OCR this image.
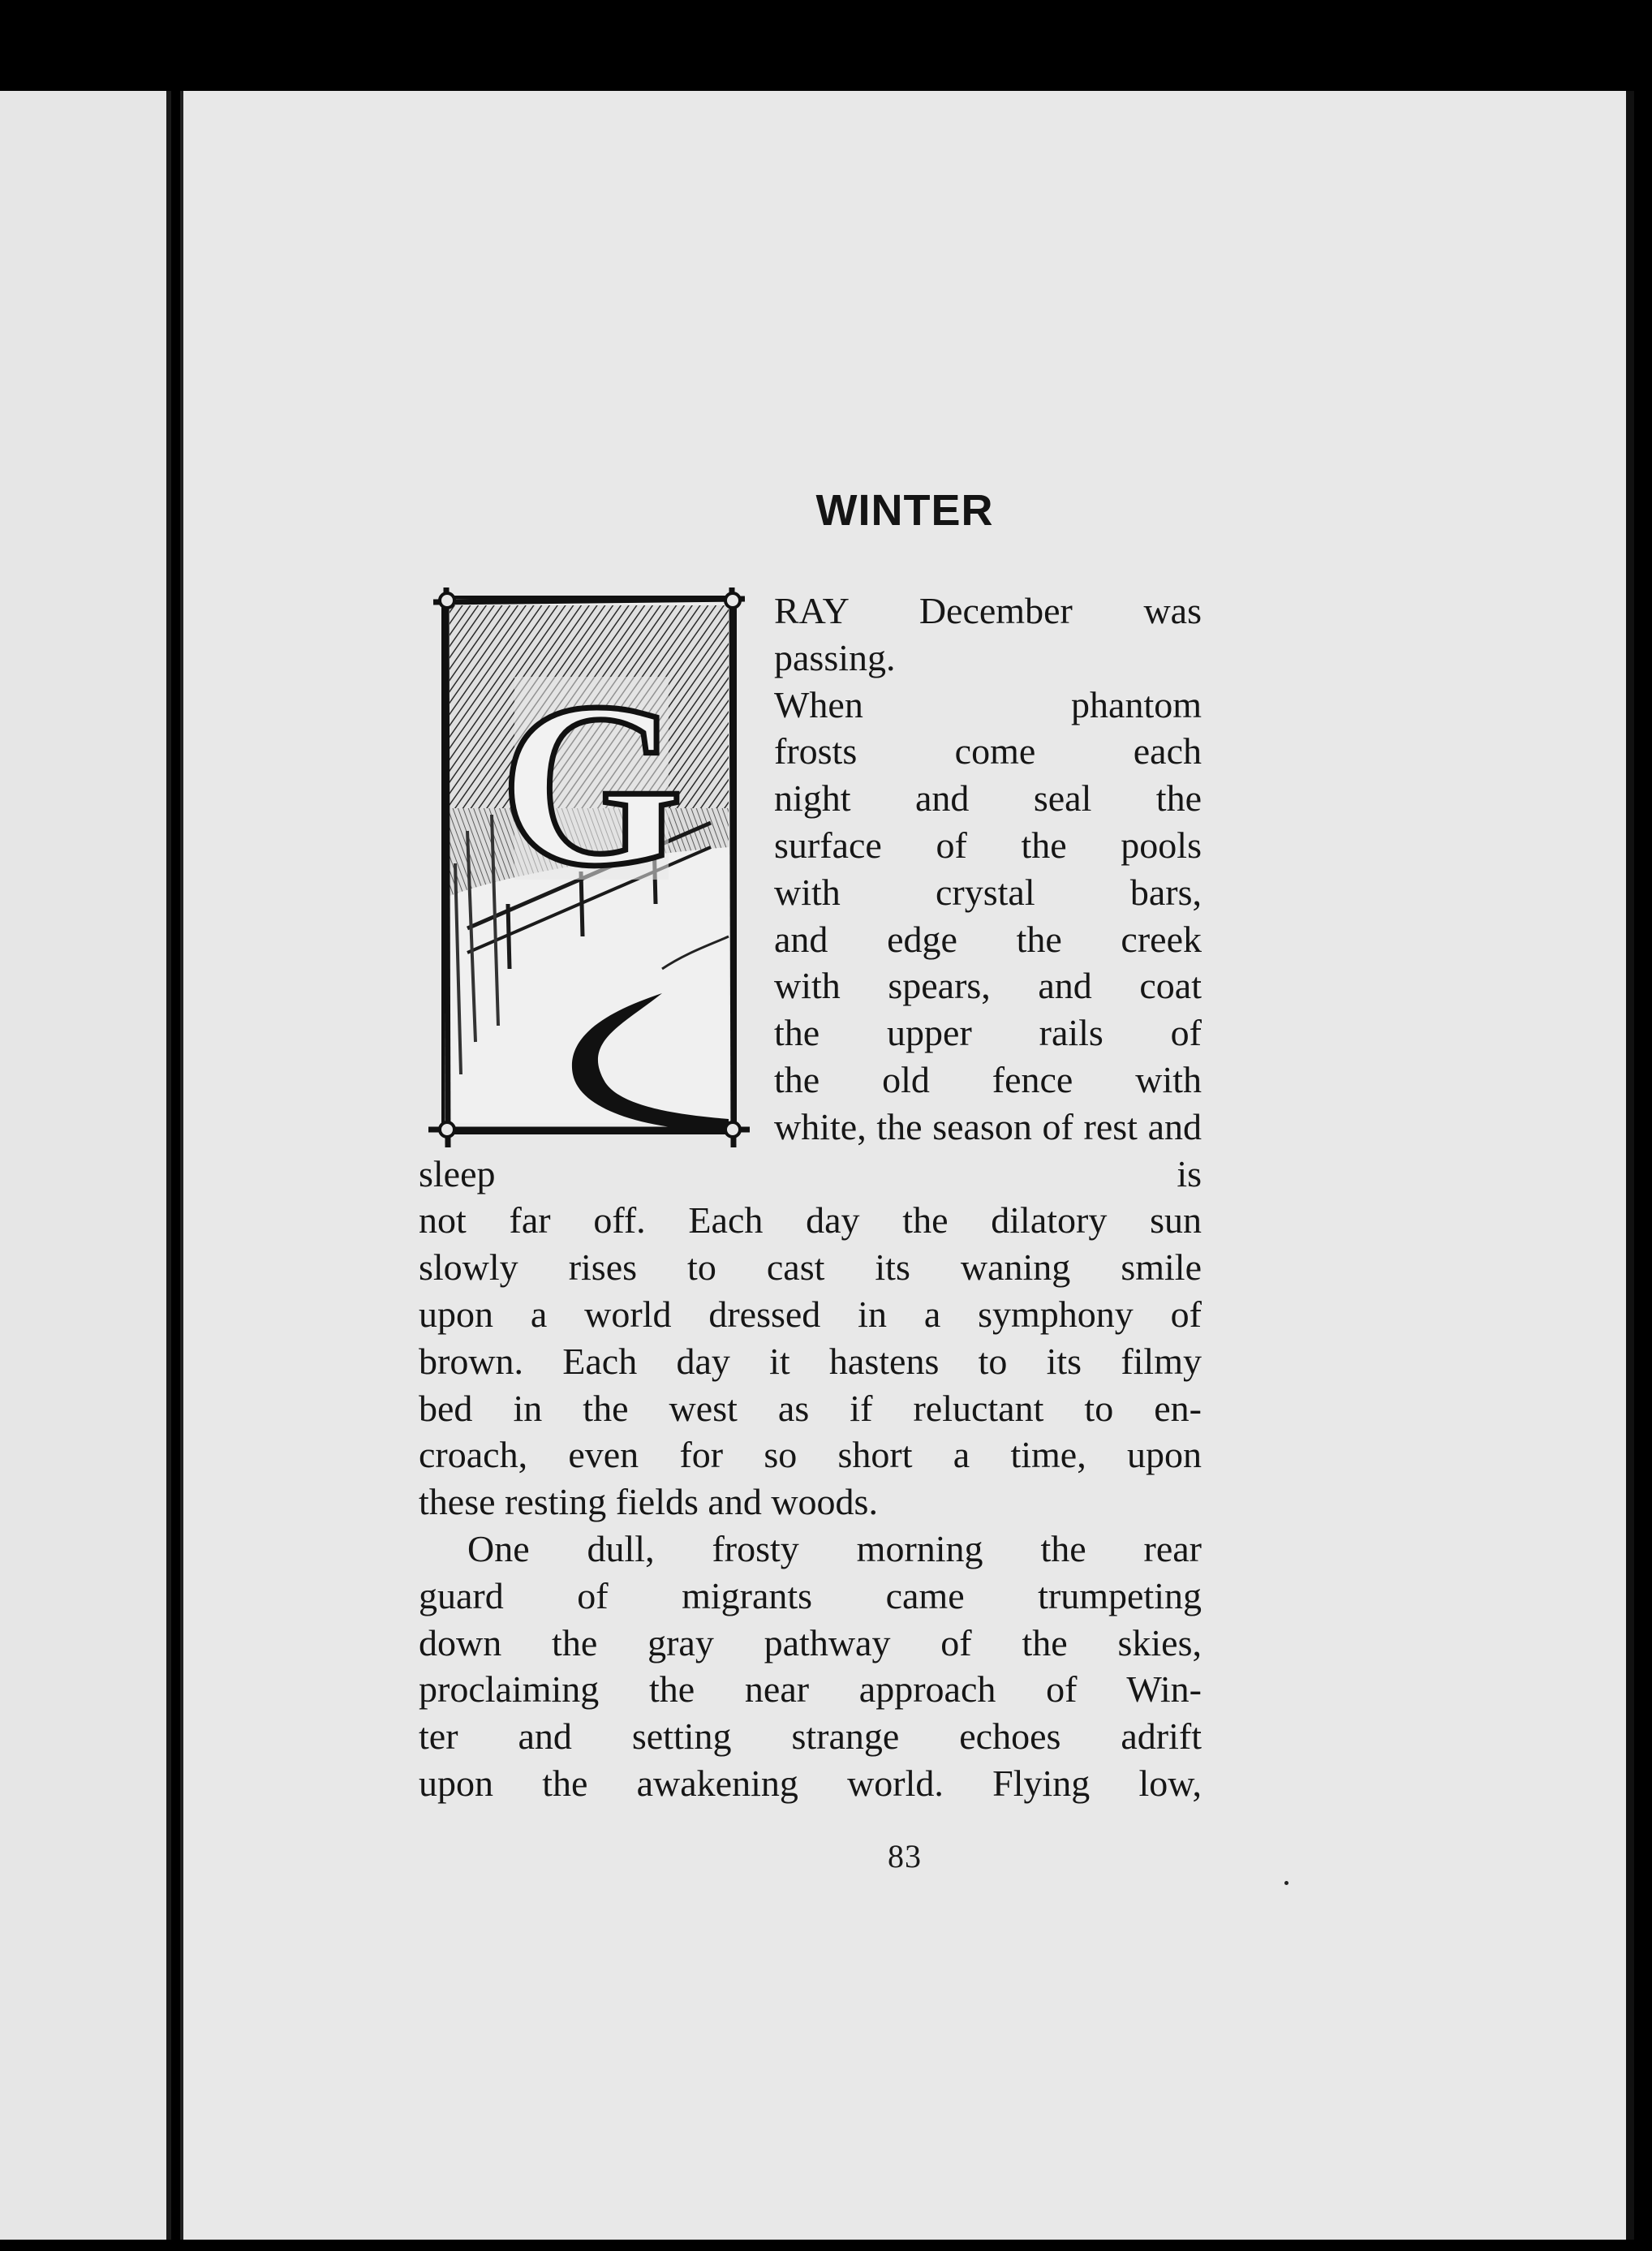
WINTER
G
RAY December was
passing.
When phantom
frosts come each
night and seal the
surface of the pools
with crystal bars,
and edge the creek
with spears, and coat
the upper rails of
the old fence with
white, the season of rest and sleep is
not far off. Each day the dilatory sun
slowly rises to cast its waning smile
upon a world dressed in a symphony of
brown. Each day it hastens to its filmy
bed in the west as if reluctant to en-
croach, even for so short a time, upon
these resting fields and woods.
One dull, frosty morning the rear
guard of migrants came trumpeting
down the gray pathway of the skies,
proclaiming the near approach of Win-
ter and setting strange echoes adrift
upon the awakening world. Flying low,

83
